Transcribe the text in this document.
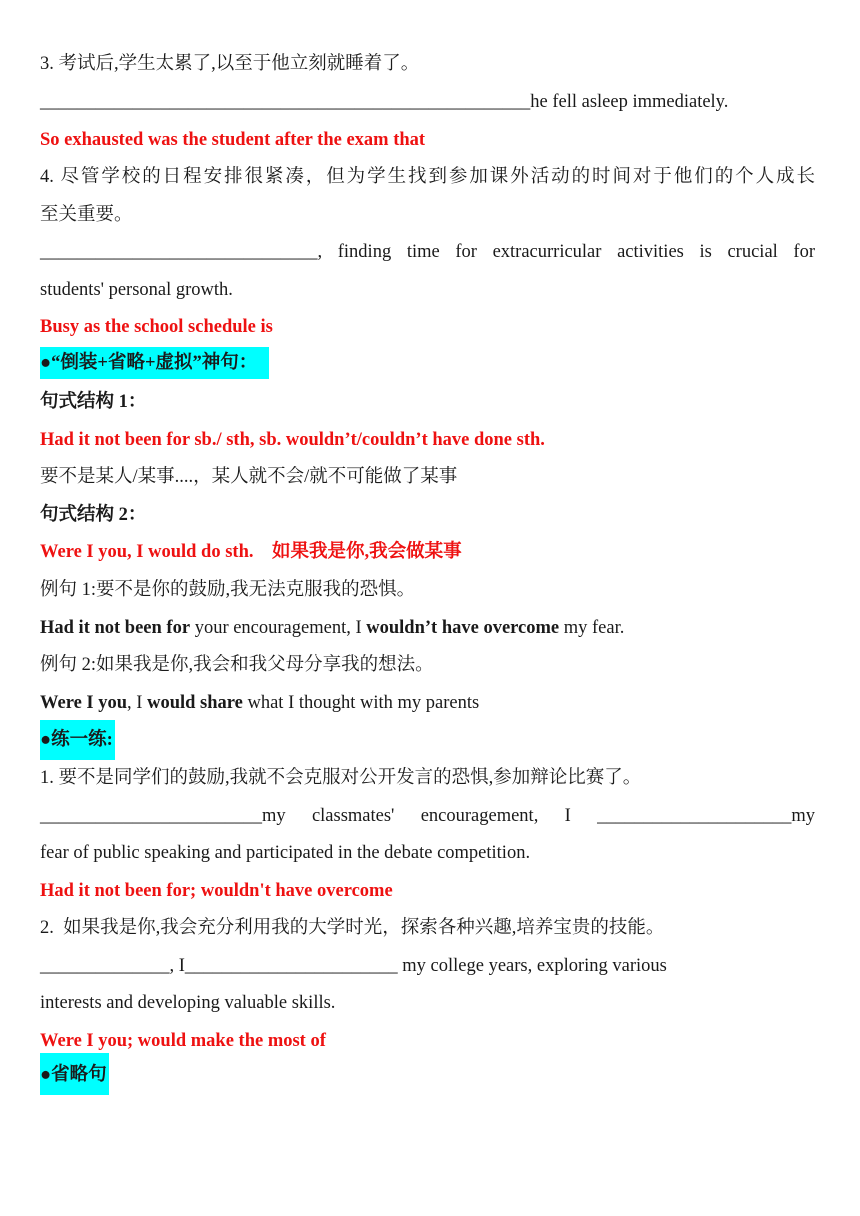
3. 考试后,学生太累了,以至于他立刻就睡着了。
_____________________________________________________he fell asleep immediately.
So exhausted was the student after the exam that
4. 尽管学校的日程安排很紧凑，但为学生找到参加课外活动的时间对于他们的个人成长
至关重要。
______________________________, finding time for extracurricular activities is crucial for
students' personal growth.
Busy as the school schedule is
●“倒装+省略+虚拟”神句：
句式结构 1：
Had it not been for sb./ sth, sb. wouldn’t/couldn’t have done sth.
要不是某人/某事....，某人就不会/就不可能做了某事
句式结构 2：
Were I you, I would do sth.    如果我是你,我会做某事
例句 1:要不是你的鼓励,我无法克服我的恐惧。
Had it not been for your encouragement, I wouldn’t have overcome my fear.
例句 2:如果我是你,我会和我父母分享我的想法。
Were I you, I would share what I thought with my parents
●练一练:
1. 要不是同学们的鼓励,我就不会克服对公开发言的恐惧,参加辩论比赛了。
________________________my classmates' encouragement, I _____________________my
fear of public speaking and participated in the debate competition.
Had it not been for; wouldn't have overcome
2.  如果我是你,我会充分利用我的大学时光，探索各种兴趣,培养宝贵的技能。
______________, I_______________________ my college years, exploring various
interests and developing valuable skills.
Were I you; would make the most of
●省略句
